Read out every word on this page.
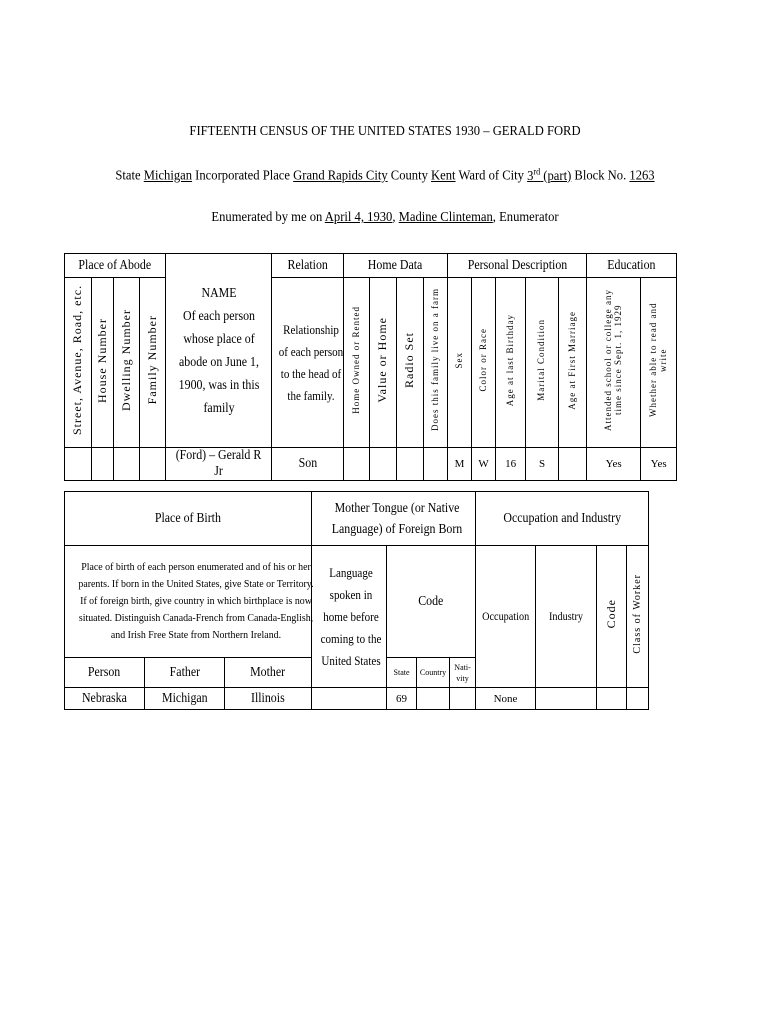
FIFTEENTH CENSUS OF THE UNITED STATES 1930 – GERALD FORD
State Michigan Incorporated Place Grand Rapids City County Kent Ward of City 3rd (part) Block No. 1263
Enumerated by me on April 4, 1930, Madine Clinteman, Enumerator
Place of Abode				NAME
Of each person whose place of abode on June 1, 1900, was in this family	Relation	Home Data				Personal Description					Education	
Street, Avenue, Road, etc.	House Number	Dwelling Number	Family Number		Relationship of each person to the head of the family.	Home Owned or Rented	Value or Home	Radio Set	Does this family live on a farm	Sex	Color or Race	Age at last Birthday	Marital Condition	Age at First Marriage	Attended school or college any time since Sept. 1, 1929	Whether able to read and write
				(Ford) – Gerald R Jr	Son					M	W	16	S		Yes	Yes
Place of Birth			Mother Tongue (or Native Language) of Foreign Born				Occupation and Industry			
Place of birth of each person enumerated and of his or her parents. If born in the United States, give State or Territory. If of foreign birth, give country in which birthplace is now situated. Distinguish Canada-French from Canada-English, and Irish Free State from Northern Ireland.			Language spoken in home before coming to the United States	Code			Occupation	Industry	Code	Class of Worker
Person	Father	Mother		State	Country	Nati-vity				

Nebraska	Michigan	Illinois		69			None			
